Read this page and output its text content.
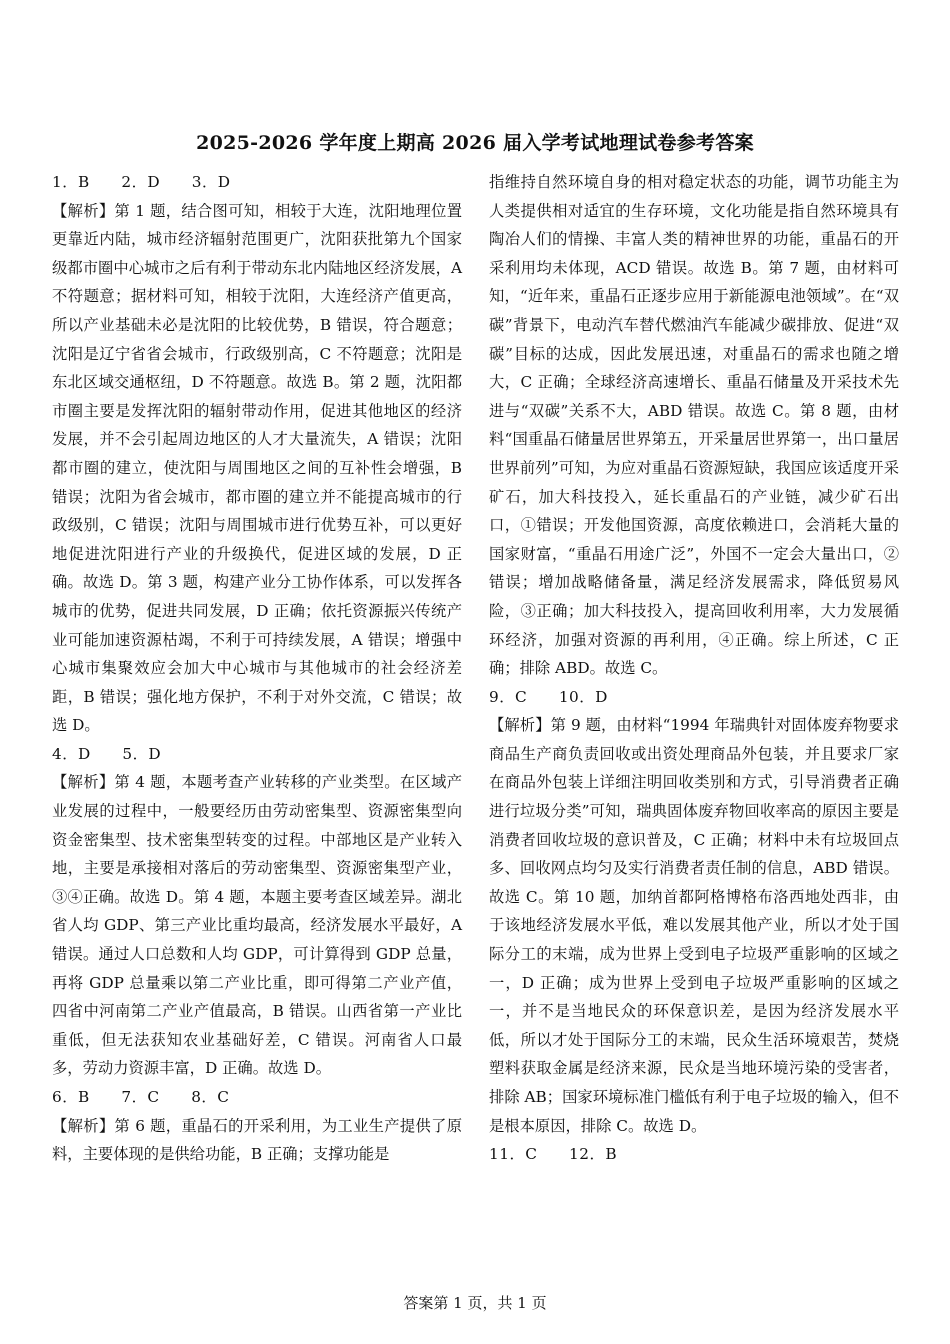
2025-2026 学年度上期高 2026 届入学考试地理试卷参考答案

1．B　　2．D　　3．D

【解析】第 1 题，结合图可知，相较于大连，沈阳地理位置更靠近内陆，城市经济辐射范围更广，沈阳获批第九个国家级都市圈中心城市之后有利于带动东北内陆地区经济发展，A 不符题意；据材料可知，相较于沈阳，大连经济产值更高，所以产业基础未必是沈阳的比较优势，B 错误，符合题意；沈阳是辽宁省省会城市，行政级别高，C 不符题意；沈阳是东北区域交通枢纽，D 不符题意。故选 B。第 2 题，沈阳都市圈主要是发挥沈阳的辐射带动作用，促进其他地区的经济发展，并不会引起周边地区的人才大量流失，A 错误；沈阳都市圈的建立，使沈阳与周围地区之间的互补性会增强，B 错误；沈阳为省会城市，都市圈的建立并不能提高城市的行政级别，C 错误；沈阳与周围城市进行优势互补，可以更好地促进沈阳进行产业的升级换代，促进区域的发展，D 正确。故选 D。第 3 题，构建产业分工协作体系，可以发挥各城市的优势，促进共同发展，D 正确；依托资源振兴传统产业可能加速资源枯竭，不利于可持续发展，A 错误；增强中心城市集聚效应会加大中心城市与其他城市的社会经济差距，B 错误；强化地方保护，不利于对外交流，C 错误；故选 D。

4．D　　5．D

【解析】第 4 题，本题考查产业转移的产业类型。在区域产业发展的过程中，一般要经历由劳动密集型、资源密集型向资金密集型、技术密集型转变的过程。中部地区是产业转入地，主要是承接相对落后的劳动密集型、资源密集型产业，③④正确。故选 D。第 4 题，本题主要考查区域差异。湖北省人均 GDP、第三产业比重均最高，经济发展水平最好，A 错误。通过人口总数和人均 GDP，可计算得到 GDP 总量，再将 GDP 总量乘以第二产业比重，即可得第二产业产值，四省中河南第二产业产值最高，B 错误。山西省第一产业比重低，但无法获知农业基础好差，C 错误。河南省人口最多，劳动力资源丰富，D 正确。故选 D。

6．B　　7．C　　8．C

【解析】第 6 题，重晶石的开采利用，为工业生产提供了原料，主要体现的是供给功能，B 正确；支撑功能是

指维持自然环境自身的相对稳定状态的功能，调节功能主为人类提供相对适宜的生存环境，文化功能是指自然环境具有陶冶人们的情操、丰富人类的精神世界的功能，重晶石的开采利用均未体现，ACD 错误。故选 B。第 7 题，由材料可知，“近年来，重晶石正逐步应用于新能源电池领域”。在“双碳”背景下，电动汽车替代燃油汽车能减少碳排放、促进“双碳”目标的达成，因此发展迅速，对重晶石的需求也随之增大，C 正确；全球经济高速增长、重晶石储量及开采技术先进与“双碳”关系不大，ABD 错误。故选 C。第 8 题，由材料“国重晶石储量居世界第五，开采量居世界第一，出口量居世界前列”可知，为应对重晶石资源短缺，我国应该适度开采矿石，加大科技投入，延长重晶石的产业链，减少矿石出口，①错误；开发他国资源，高度依赖进口，会消耗大量的国家财富，“重晶石用途广泛”，外国不一定会大量出口，②错误；增加战略储备量，满足经济发展需求，降低贸易风险，③正确；加大科技投入，提高回收利用率，大力发展循环经济，加强对资源的再利用，④正确。综上所述，C 正确；排除 ABD。故选 C。

9．C　　10．D

【解析】第 9 题，由材料“1994 年瑞典针对固体废弃物要求商品生产商负责回收或出资处理商品外包装，并且要求厂家在商品外包装上详细注明回收类别和方式，引导消费者正确进行垃圾分类”可知，瑞典固体废弃物回收率高的原因主要是消费者回收垃圾的意识普及，C 正确；材料中未有垃圾回点多、回收网点均匀及实行消费者责任制的信息，ABD 错误。故选 C。第 10 题，加纳首都阿格博格布洛西地处西非，由于该地经济发展水平低，难以发展其他产业，所以才处于国际分工的末端，成为世界上受到电子垃圾严重影响的区域之一，D 正确；成为世界上受到电子垃圾严重影响的区域之一，并不是当地民众的环保意识差，是因为经济发展水平低，所以才处于国际分工的末端，民众生活环境艰苦，焚烧塑料获取金属是经济来源，民众是当地环境污染的受害者，排除 AB；国家环境标准门槛低有利于电子垃圾的输入，但不是根本原因，排除 C。故选 D。

11．C　　12．B

答案第 1 页，共 1 页
